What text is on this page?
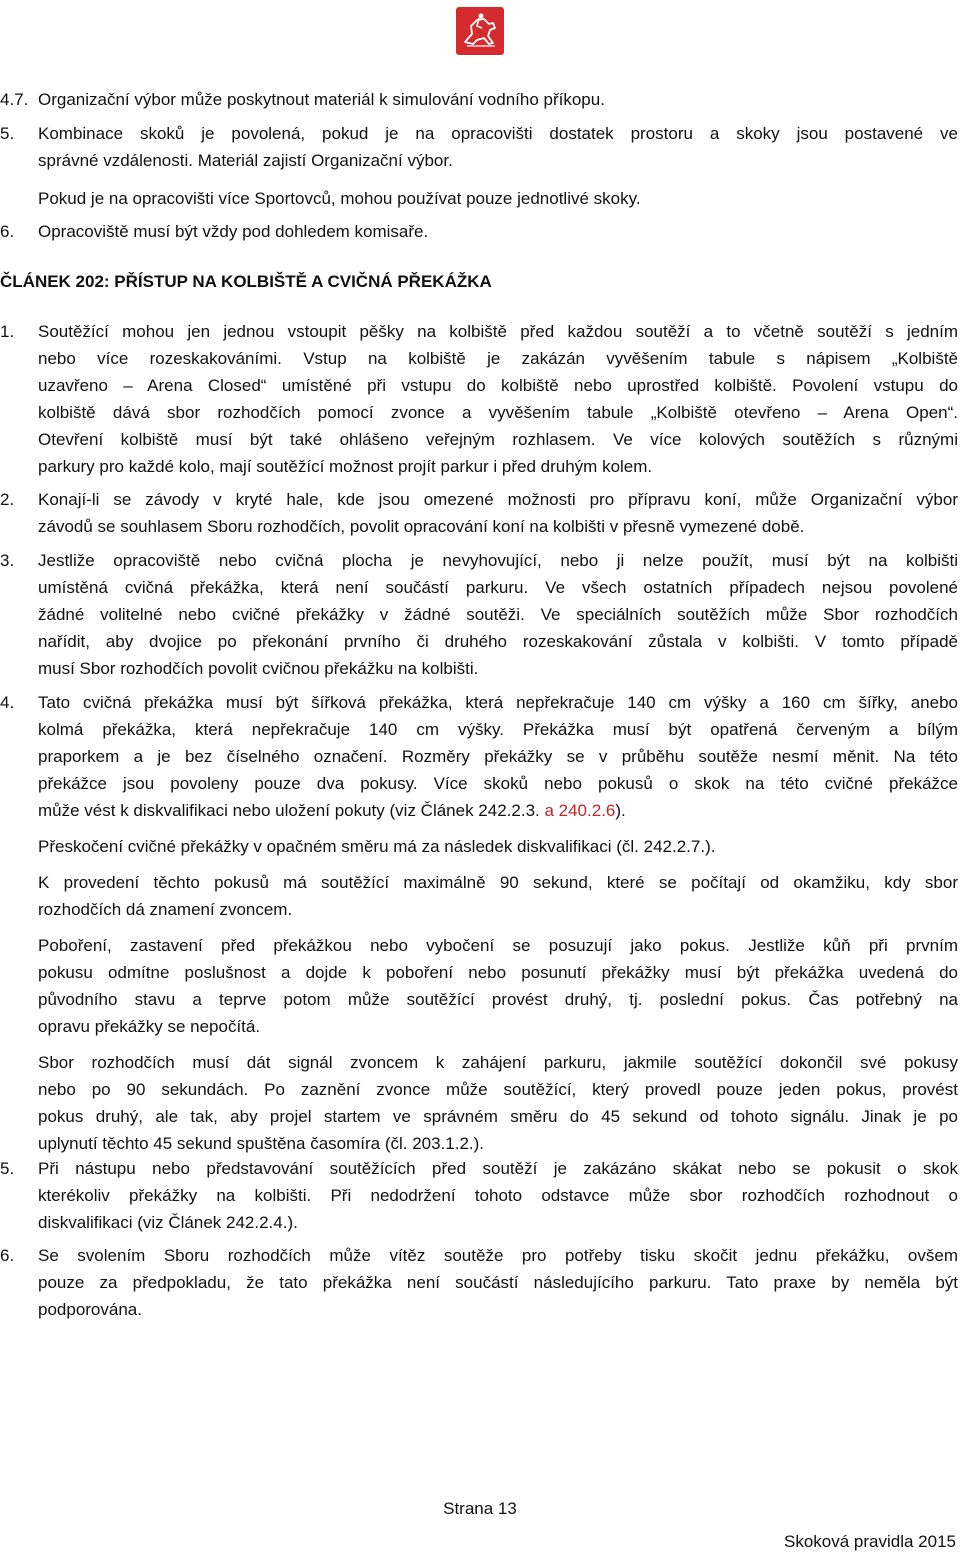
4.7. Organizační výbor může poskytnout materiál k simulování vodního příkopu.
5. Kombinace skoků je povolená, pokud je na opracovišti dostatek prostoru a skoky jsou postavené ve
správné vzdálenosti. Materiál zajistí Organizační výbor.
Pokud je na opracovišti více Sportovců, mohou používat pouze jednotlivé skoky.
6. Opracoviště musí být vždy pod dohledem komisaře.
ČLÁNEK 202: PŘÍSTUP NA KOLBIŠTĚ A CVIČNÁ PŘEKÁŽKA
1. Soutěžící mohou jen jednou vstoupit pěšky na kolbiště před každou soutěží a to včetně soutěží s jedním
nebo více rozeskakováními. Vstup na kolbiště je zakázán vyvěšením tabule s nápisem „Kolbiště
uzavřeno – Arena Closed“ umístěné při vstupu do kolbiště nebo uprostřed kolbiště. Povolení vstupu do
kolbiště dává sbor rozhodčích pomocí zvonce a vyvěšením tabule „Kolbiště otevřeno – Arena Open“.
Otevření kolbiště musí být také ohlášeno veřejným rozhlasem. Ve více kolových soutěžích s různými
parkury pro každé kolo, mají soutěžící možnost projít parkur i před druhým kolem.
2. Konají-li se závody v kryté hale, kde jsou omezené možnosti pro přípravu koní, může Organizační výbor
závodů se souhlasem Sboru rozhodčích, povolit opracování koní na kolbišti v přesně vymezené době.
3. Jestliže opracoviště nebo cvičná plocha je nevyhovující, nebo ji nelze použít, musí být na kolbišti
umístěná cvičná překážka, která není součástí parkuru. Ve všech ostatních případech nejsou povolené
žádné volitelné nebo cvičné překážky v žádné soutěži. Ve speciálních soutěžích může Sbor rozhodčích
nařídit, aby dvojice po překonání prvního či druhého rozeskakování zůstala v kolbišti. V tomto případě
musí Sbor rozhodčích povolit cvičnou překážku na kolbišti.
4. Tato cvičná překážka musí být šířková překážka, která nepřekračuje 140 cm výšky a 160 cm šířky, anebo
kolmá překážka, která nepřekračuje 140 cm výšky. Překážka musí být opatřená červeným a bílým
praporkem a je bez číselného označení. Rozměry překážky se v průběhu soutěže nesmí měnit. Na této
překážce jsou povoleny pouze dva pokusy. Více skoků nebo pokusů o skok na této cvičné překážce
může vést k diskvalifikaci nebo uložení pokuty (viz Článek 242.2.3. a 240.2.6).
Přeskočení cvičné překážky v opačném směru má za následek diskvalifikaci (čl. 242.2.7.).
K provedení těchto pokusů má soutěžící maximálně 90 sekund, které se počítají od okamžiku, kdy sbor
rozhodčích dá znamení zvoncem.
Poboření, zastavení před překážkou nebo vybočení se posuzují jako pokus. Jestliže kůň při prvním
pokusu odmítne poslušnost a dojde k poboření nebo posunutí překážky musí být překážka uvedená do
původního stavu a teprve potom může soutěžící provést druhý, tj. poslední pokus. Čas potřebný na
opravu překážky se nepočítá.
Sbor rozhodčích musí dát signál zvoncem k zahájení parkuru, jakmile soutěžící dokončil své pokusy
nebo po 90 sekundách. Po zaznění zvonce může soutěžící, který provedl pouze jeden pokus, provést
pokus druhý, ale tak, aby projel startem ve správném směru do 45 sekund od tohoto signálu. Jinak je po
uplynutí těchto 45 sekund spuštěna časomíra (čl. 203.1.2.).
5. Při nástupu nebo představování soutěžících před soutěží je zakázáno skákat nebo se pokusit o skok
kterékoliv překážky na kolbišti. Při nedodržení tohoto odstavce může sbor rozhodčích rozhodnout o
diskvalifikaci (viz Článek 242.2.4.).
6. Se svolením Sboru rozhodčích může vítěz soutěže pro potřeby tisku skočit jednu překážku, ovšem
pouze za předpokladu, že tato překážka není součástí následujícího parkuru. Tato praxe by neměla být
podporována.
Strana 13
Skoková pravidla 2015
